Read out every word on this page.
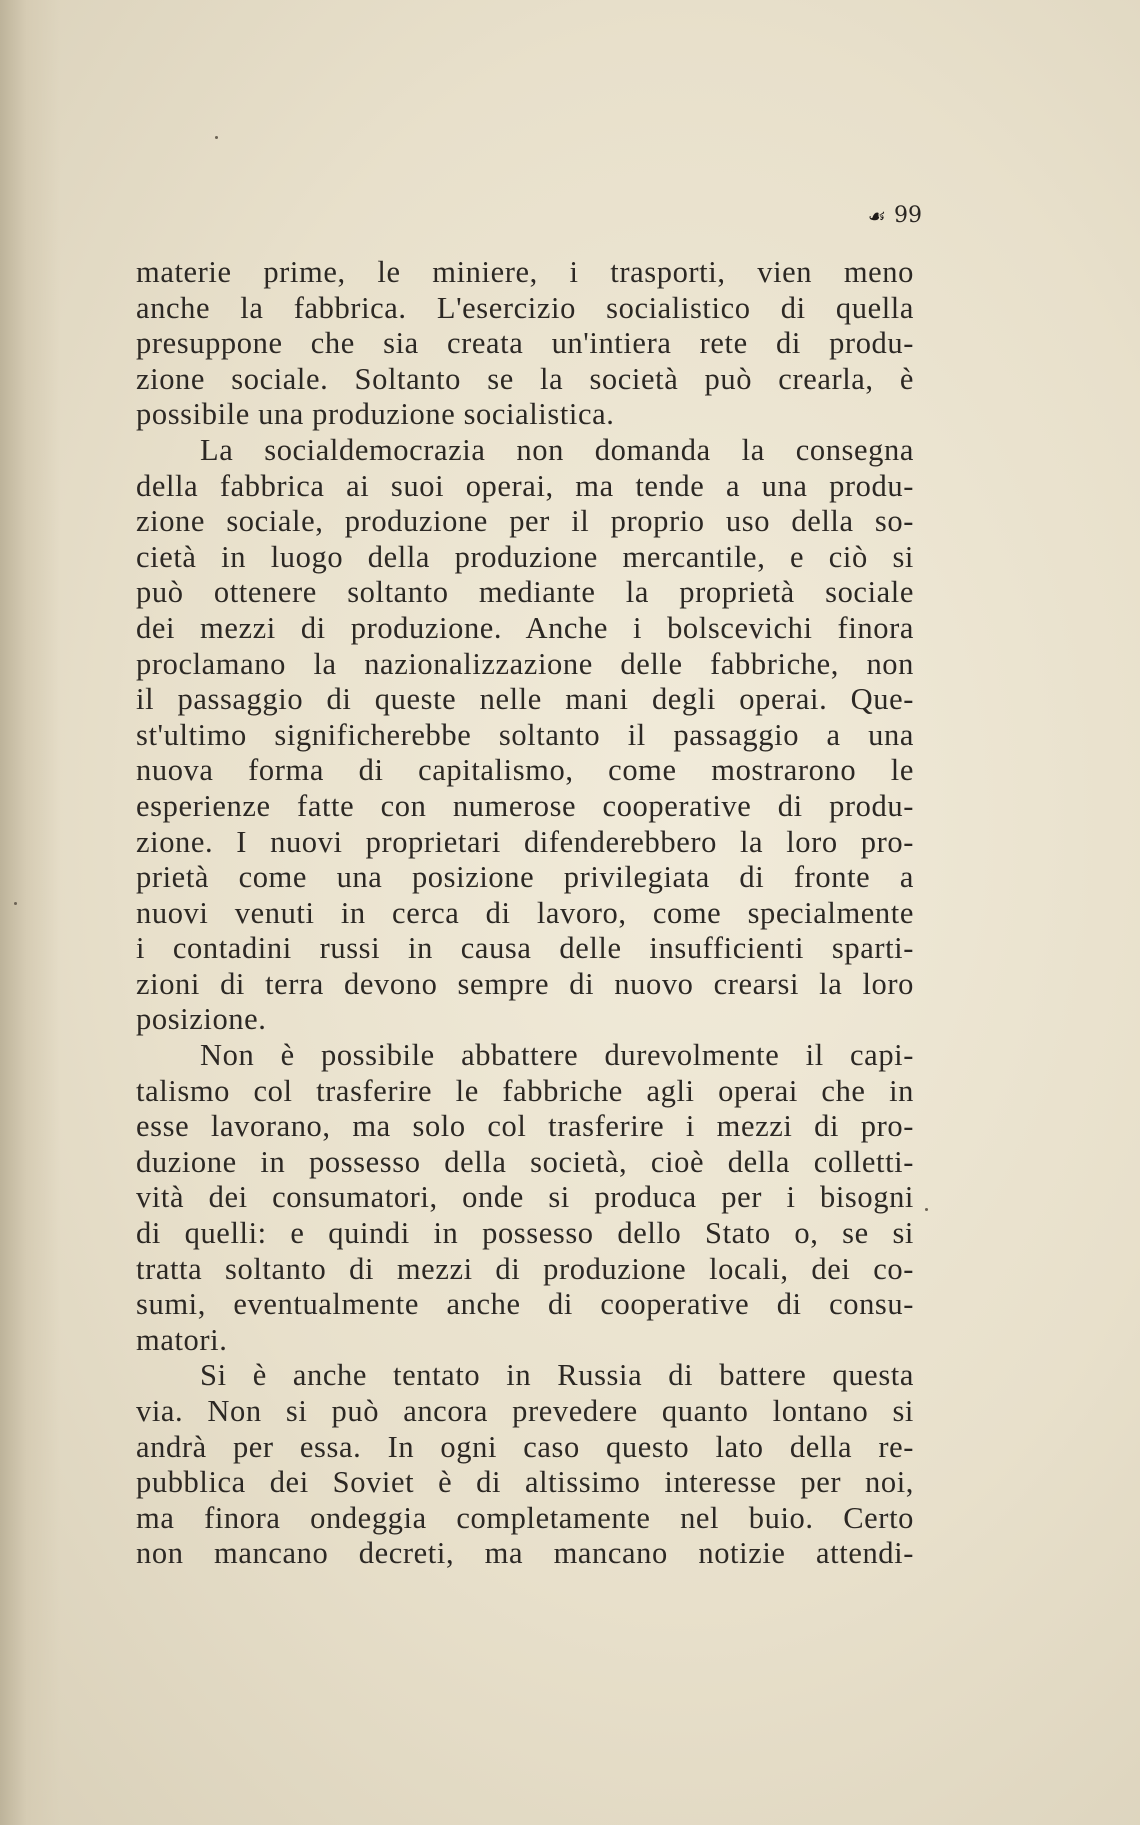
☙ 99

materie prime, le miniere, i trasporti, vien meno
anche la fabbrica. L'esercizio socialistico di quella
presuppone che sia creata un'intiera rete di produ-
zione sociale. Soltanto se la società può crearla, è
possibile una produzione socialistica.

La socialdemocrazia non domanda la consegna
della fabbrica ai suoi operai, ma tende a una produ-
zione sociale, produzione per il proprio uso della so-
cietà in luogo della produzione mercantile, e ciò si
può ottenere soltanto mediante la proprietà sociale
dei mezzi di produzione. Anche i bolscevichi finora
proclamano la nazionalizzazione delle fabbriche, non
il passaggio di queste nelle mani degli operai. Que-
st'ultimo significherebbe soltanto il passaggio a una
nuova forma di capitalismo, come mostrarono le
esperienze fatte con numerose cooperative di produ-
zione. I nuovi proprietari difenderebbero la loro pro-
prietà come una posizione privilegiata di fronte a
nuovi venuti in cerca di lavoro, come specialmente
i contadini russi in causa delle insufficienti sparti-
zioni di terra devono sempre di nuovo crearsi la loro
posizione.

Non è possibile abbattere durevolmente il capi-
talismo col trasferire le fabbriche agli operai che in
esse lavorano, ma solo col trasferire i mezzi di pro-
duzione in possesso della società, cioè della colletti-
vità dei consumatori, onde si produca per i bisogni
di quelli: e quindi in possesso dello Stato o, se si
tratta soltanto di mezzi di produzione locali, dei co-
sumi, eventualmente anche di cooperative di consu-
matori.

Si è anche tentato in Russia di battere questa
via. Non si può ancora prevedere quanto lontano si
andrà per essa. In ogni caso questo lato della re-
pubblica dei Soviet è di altissimo interesse per noi,
ma finora ondeggia completamente nel buio. Certo
non mancano decreti, ma mancano notizie attendi-
